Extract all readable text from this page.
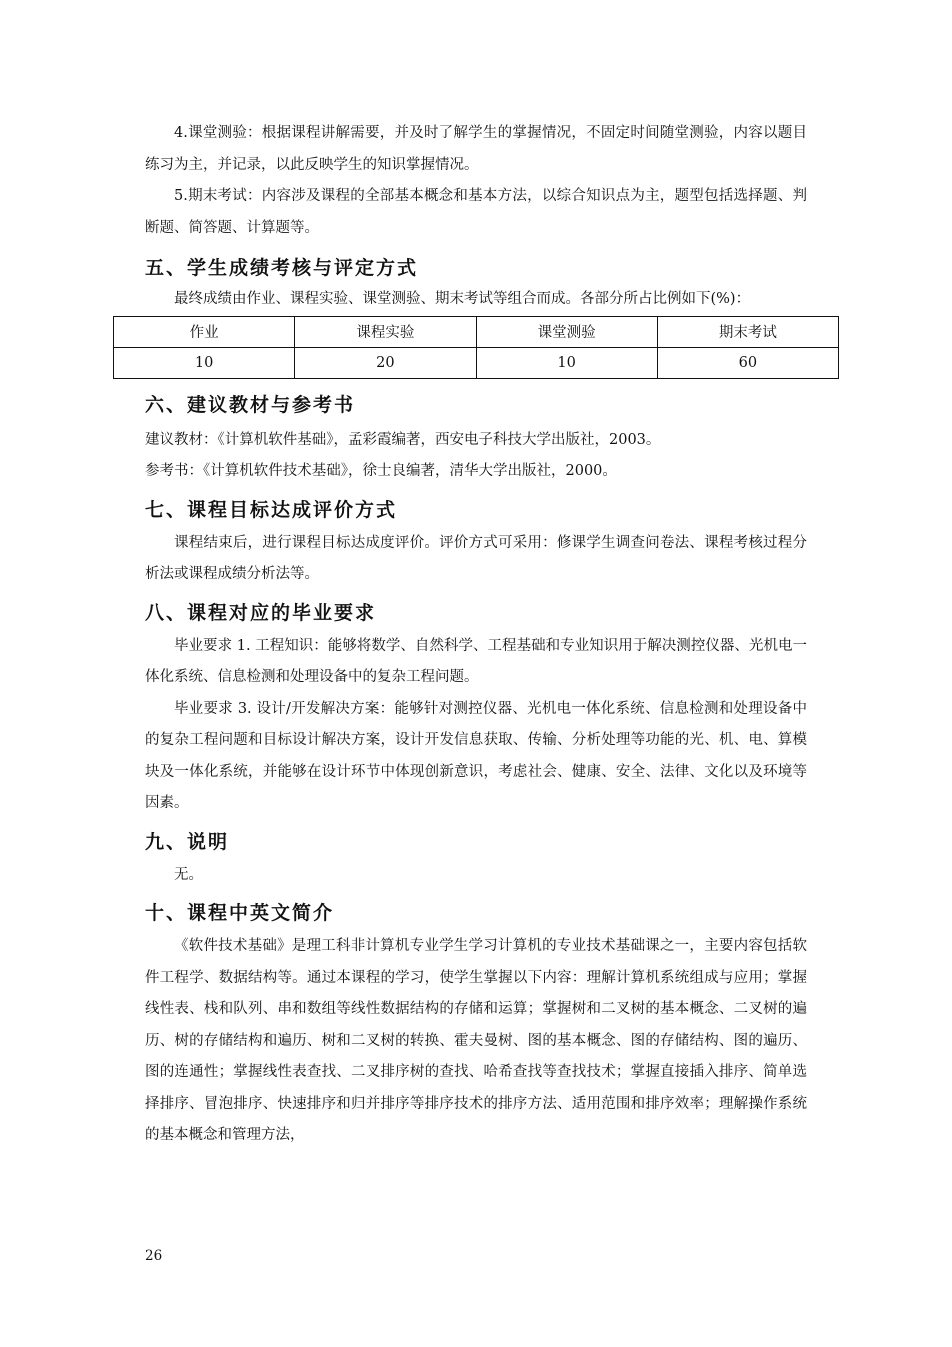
4.课堂测验：根据课程讲解需要，并及时了解学生的掌握情况，不固定时间随堂测验，内容以题目练习为主，并记录，以此反映学生的知识掌握情况。

5.期末考试：内容涉及课程的全部基本概念和基本方法，以综合知识点为主，题型包括选择题、判断题、简答题、计算题等。

五、学生成绩考核与评定方式

最终成绩由作业、课程实验、课堂测验、期末考试等组合而成。各部分所占比例如下(%)：

作业	课程实验	课堂测验	期末考试
10	20	10	60
六、建议教材与参考书

建议教材：《计算机软件基础》，孟彩霞编著，西安电子科技大学出版社，2003。

参考书：《计算机软件技术基础》，徐士良编著，清华大学出版社，2000。

七、课程目标达成评价方式

课程结束后，进行课程目标达成度评价。评价方式可采用：修课学生调查问卷法、课程考核过程分析法或课程成绩分析法等。

八、课程对应的毕业要求

毕业要求 1. 工程知识：能够将数学、自然科学、工程基础和专业知识用于解决测控仪器、光机电一体化系统、信息检测和处理设备中的复杂工程问题。

毕业要求 3. 设计/开发解决方案：能够针对测控仪器、光机电一体化系统、信息检测和处理设备中的复杂工程问题和目标设计解决方案，设计开发信息获取、传输、分析处理等功能的光、机、电、算模块及一体化系统，并能够在设计环节中体现创新意识，考虑社会、健康、安全、法律、文化以及环境等因素。

九、说明

无。

十、课程中英文简介

《软件技术基础》是理工科非计算机专业学生学习计算机的专业技术基础课之一，主要内容包括软件工程学、数据结构等。通过本课程的学习，使学生掌握以下内容：理解计算机系统组成与应用；掌握线性表、栈和队列、串和数组等线性数据结构的存储和运算；掌握树和二叉树的基本概念、二叉树的遍历、树的存储结构和遍历、树和二叉树的转换、霍夫曼树、图的基本概念、图的存储结构、图的遍历、图的连通性；掌握线性表查找、二叉排序树的查找、哈希查找等查找技术；掌握直接插入排序、简单选择排序、冒泡排序、快速排序和归并排序等排序技术的排序方法、适用范围和排序效率；理解操作系统的基本概念和管理方法，

26
